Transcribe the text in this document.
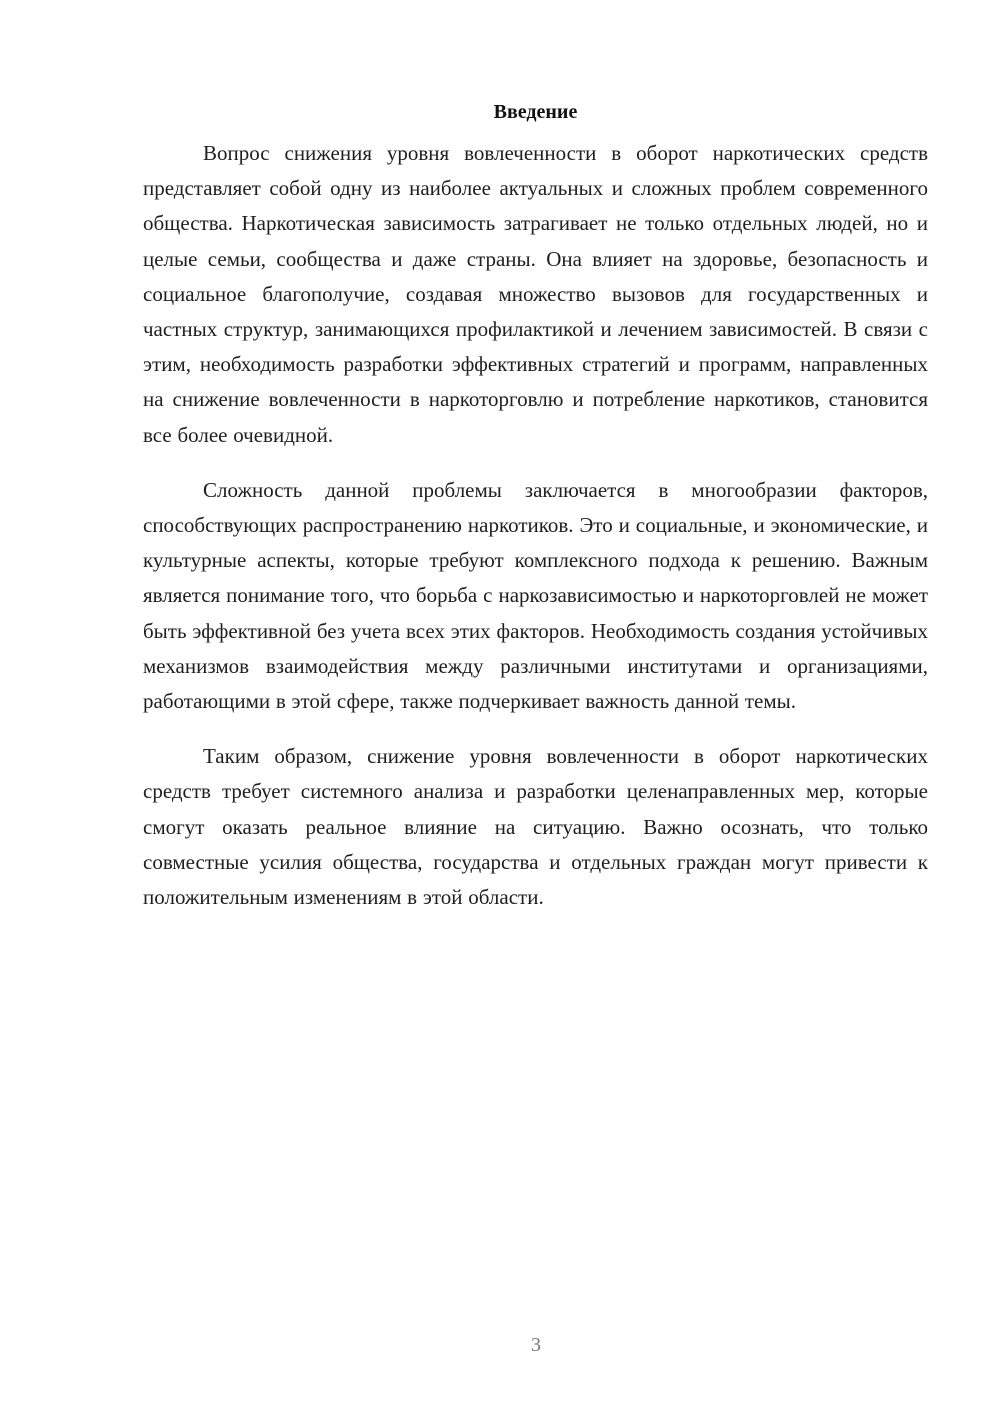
Введение

Вопрос снижения уровня вовлеченности в оборот наркотических средств представляет собой одну из наиболее актуальных и сложных проблем современного общества. Наркотическая зависимость затрагивает не только отдельных людей, но и целые семьи, сообщества и даже страны. Она влияет на здоровье, безопасность и социальное благополучие, создавая множество вызовов для государственных и частных структур, занимающихся профилактикой и лечением зависимостей. В связи с этим, необходимость разработки эффективных стратегий и программ, направленных на снижение вовлеченности в наркоторговлю и потребление наркотиков, становится все более очевидной.

Сложность данной проблемы заключается в многообразии факторов, способствующих распространению наркотиков. Это и социальные, и экономические, и культурные аспекты, которые требуют комплексного подхода к решению. Важным является понимание того, что борьба с наркозависимостью и наркоторговлей не может быть эффективной без учета всех этих факторов. Необходимость создания устойчивых механизмов взаимодействия между различными институтами и организациями, работающими в этой сфере, также подчеркивает важность данной темы.

Таким образом, снижение уровня вовлеченности в оборот наркотических средств требует системного анализа и разработки целенаправленных мер, которые смогут оказать реальное влияние на ситуацию. Важно осознать, что только совместные усилия общества, государства и отдельных граждан могут привести к положительным изменениям в этой области.

3
